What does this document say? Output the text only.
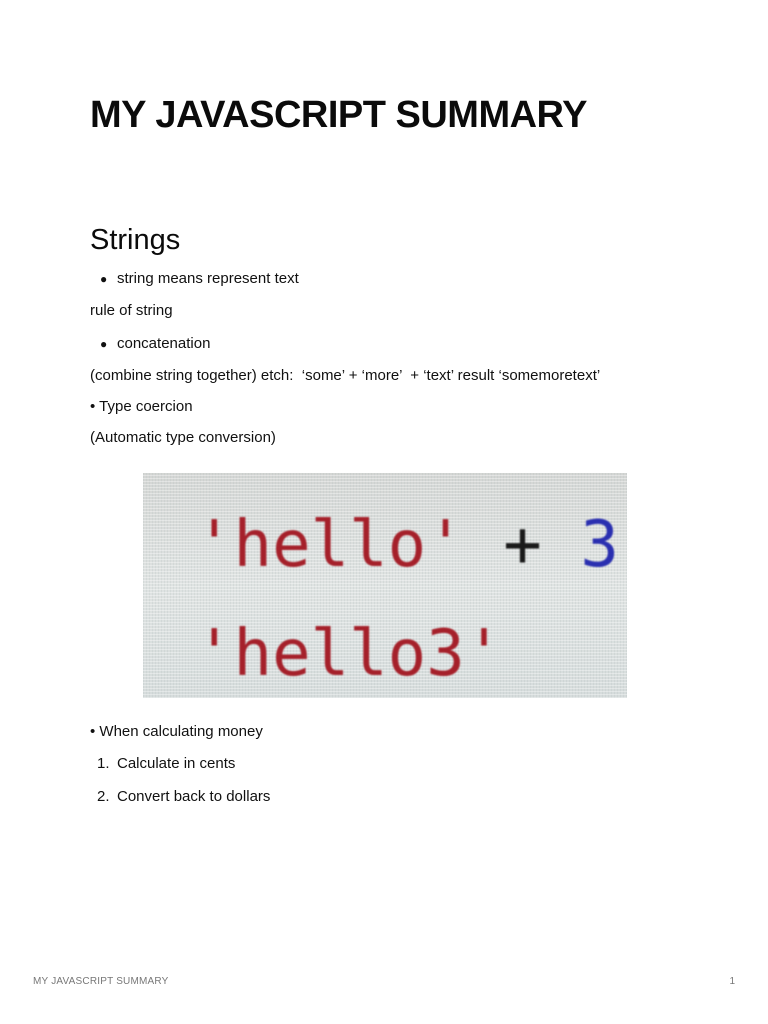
MY JAVASCRIPT SUMMARY
Strings
● string means represent text
rule of string
● concatenation
(combine string together) etch:  ‘some’ + ‘more’  + ‘text’ result ‘somemoretext’
• Type coercion
(Automatic type conversion)
'hello' + 3
'hello3'
• When calculating money
1. Calculate in cents
2. Convert back to dollars
MY JAVASCRIPT SUMMARY	1
